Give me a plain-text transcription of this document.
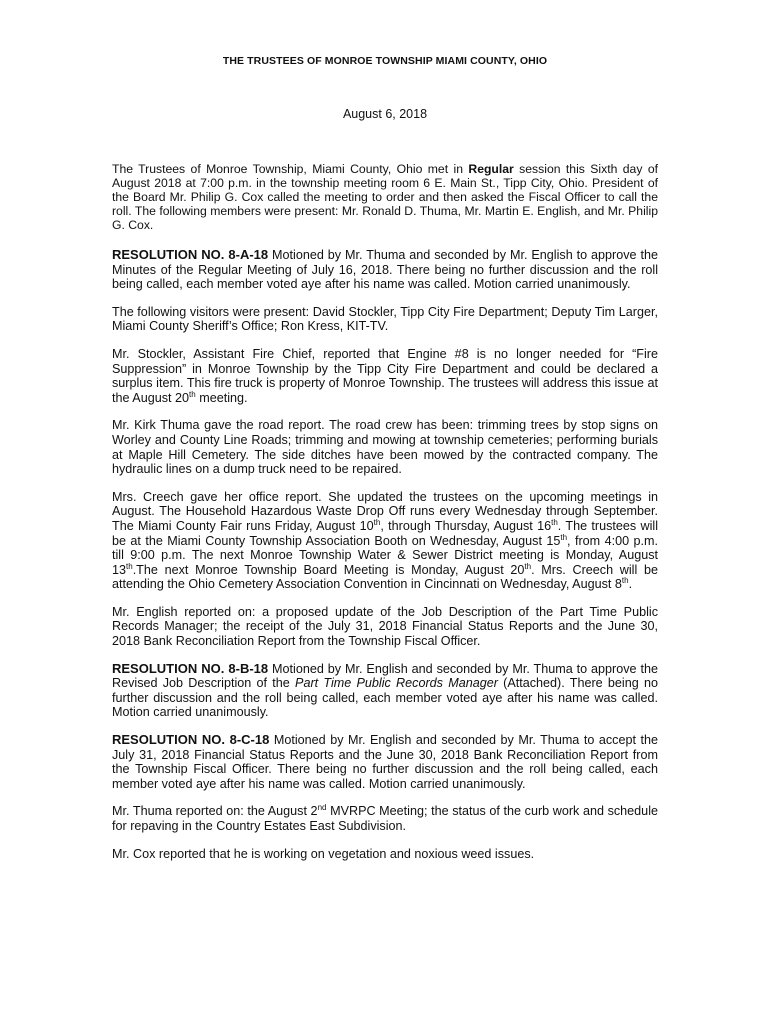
THE TRUSTEES OF MONROE TOWNSHIP MIAMI COUNTY, OHIO
August 6, 2018

The Trustees of Monroe Township, Miami County, Ohio met in Regular session this Sixth day of August 2018 at 7:00 p.m. in the township meeting room 6 E. Main St., Tipp City, Ohio. President of the Board Mr. Philip G. Cox called the meeting to order and then asked the Fiscal Officer to call the roll. The following members were present: Mr. Ronald D. Thuma, Mr. Martin E. English, and Mr. Philip G. Cox.

RESOLUTION NO. 8-A-18 Motioned by Mr. Thuma and seconded by Mr. English to approve the Minutes of the Regular Meeting of July 16, 2018. There being no further discussion and the roll being called, each member voted aye after his name was called. Motion carried unanimously.

The following visitors were present: David Stockler, Tipp City Fire Department; Deputy Tim Larger, Miami County Sheriff’s Office; Ron Kress, KIT-TV.

Mr. Stockler, Assistant Fire Chief, reported that Engine #8 is no longer needed for “Fire Suppression” in Monroe Township by the Tipp City Fire Department and could be declared a surplus item. This fire truck is property of Monroe Township. The trustees will address this issue at the August 20th meeting.

Mr. Kirk Thuma gave the road report. The road crew has been: trimming trees by stop signs on Worley and County Line Roads; trimming and mowing at township cemeteries; performing burials at Maple Hill Cemetery. The side ditches have been mowed by the contracted company. The hydraulic lines on a dump truck need to be repaired.

Mrs. Creech gave her office report. She updated the trustees on the upcoming meetings in August. The Household Hazardous Waste Drop Off runs every Wednesday through September. The Miami County Fair runs Friday, August 10th, through Thursday, August 16th. The trustees will be at the Miami County Township Association Booth on Wednesday, August 15th, from 4:00 p.m. till 9:00 p.m. The next Monroe Township Water & Sewer District meeting is Monday, August 13th.The next Monroe Township Board Meeting is Monday, August 20th. Mrs. Creech will be attending the Ohio Cemetery Association Convention in Cincinnati on Wednesday, August 8th.

Mr. English reported on: a proposed update of the Job Description of the Part Time Public Records Manager; the receipt of the July 31, 2018 Financial Status Reports and the June 30, 2018 Bank Reconciliation Report from the Township Fiscal Officer.

RESOLUTION NO. 8-B-18 Motioned by Mr. English and seconded by Mr. Thuma to approve the Revised Job Description of the Part Time Public Records Manager (Attached). There being no further discussion and the roll being called, each member voted aye after his name was called. Motion carried unanimously.

RESOLUTION NO. 8-C-18 Motioned by Mr. English and seconded by Mr. Thuma to accept the July 31, 2018 Financial Status Reports and the June 30, 2018 Bank Reconciliation Report from the Township Fiscal Officer. There being no further discussion and the roll being called, each member voted aye after his name was called. Motion carried unanimously.

Mr. Thuma reported on: the August 2nd MVRPC Meeting; the status of the curb work and schedule for repaving in the Country Estates East Subdivision.

Mr. Cox reported that he is working on vegetation and noxious weed issues.
